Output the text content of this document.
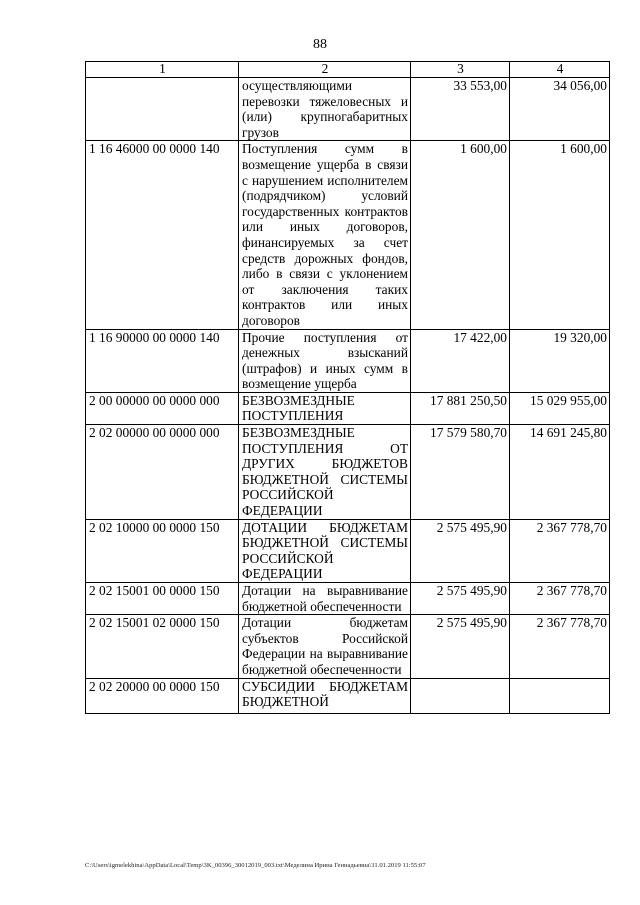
88
1	2	3	4
	осуществляющими перевозки тяжеловесных и (или) крупногабаритных грузов	33 553,00	34 056,00
1 16 46000 00 0000 140	Поступления сумм в возмещение ущерба в связи с нарушением исполнителем (подрядчиком) условий государственных контрактов или иных договоров, финансируемых за счет средств дорожных фондов, либо в связи с уклонением от заключения таких контрактов или иных договоров	1 600,00	1 600,00
1 16 90000 00 0000 140	Прочие поступления от денежных взысканий (штрафов) и иных сумм в возмещение ущерба	17 422,00	19 320,00
2 00 00000 00 0000 000	БЕЗВОЗМЕЗДНЫЕ ПОСТУПЛЕНИЯ	17 881 250,50	15 029 955,00
2 02 00000 00 0000 000	БЕЗВОЗМЕЗДНЫЕ ПОСТУПЛЕНИЯ ОТ ДРУГИХ БЮДЖЕТОВ БЮДЖЕТНОЙ СИСТЕМЫ РОССИЙСКОЙ ФЕДЕРАЦИИ	17 579 580,70	14 691 245,80
2 02 10000 00 0000 150	ДОТАЦИИ БЮДЖЕТАМ БЮДЖЕТНОЙ СИСТЕМЫ РОССИЙСКОЙ ФЕДЕРАЦИИ	2 575 495,90	2 367 778,70
2 02 15001 00 0000 150	Дотации на выравнивание бюджетной обеспеченности	2 575 495,90	2 367 778,70
2 02 15001 02 0000 150	Дотации бюджетам субъектов Российской Федерации на выравнивание бюджетной обеспеченности	2 575 495,90	2 367 778,70
2 02 20000 00 0000 150	СУБСИДИИ БЮДЖЕТАМ БЮДЖЕТНОЙ		
C:\Users\igmelekhina\AppData\Local\Temp\3K_00396_30012019_003.txt\Меделина Ирина Геннадьевна\31.01.2019 11:55:07
